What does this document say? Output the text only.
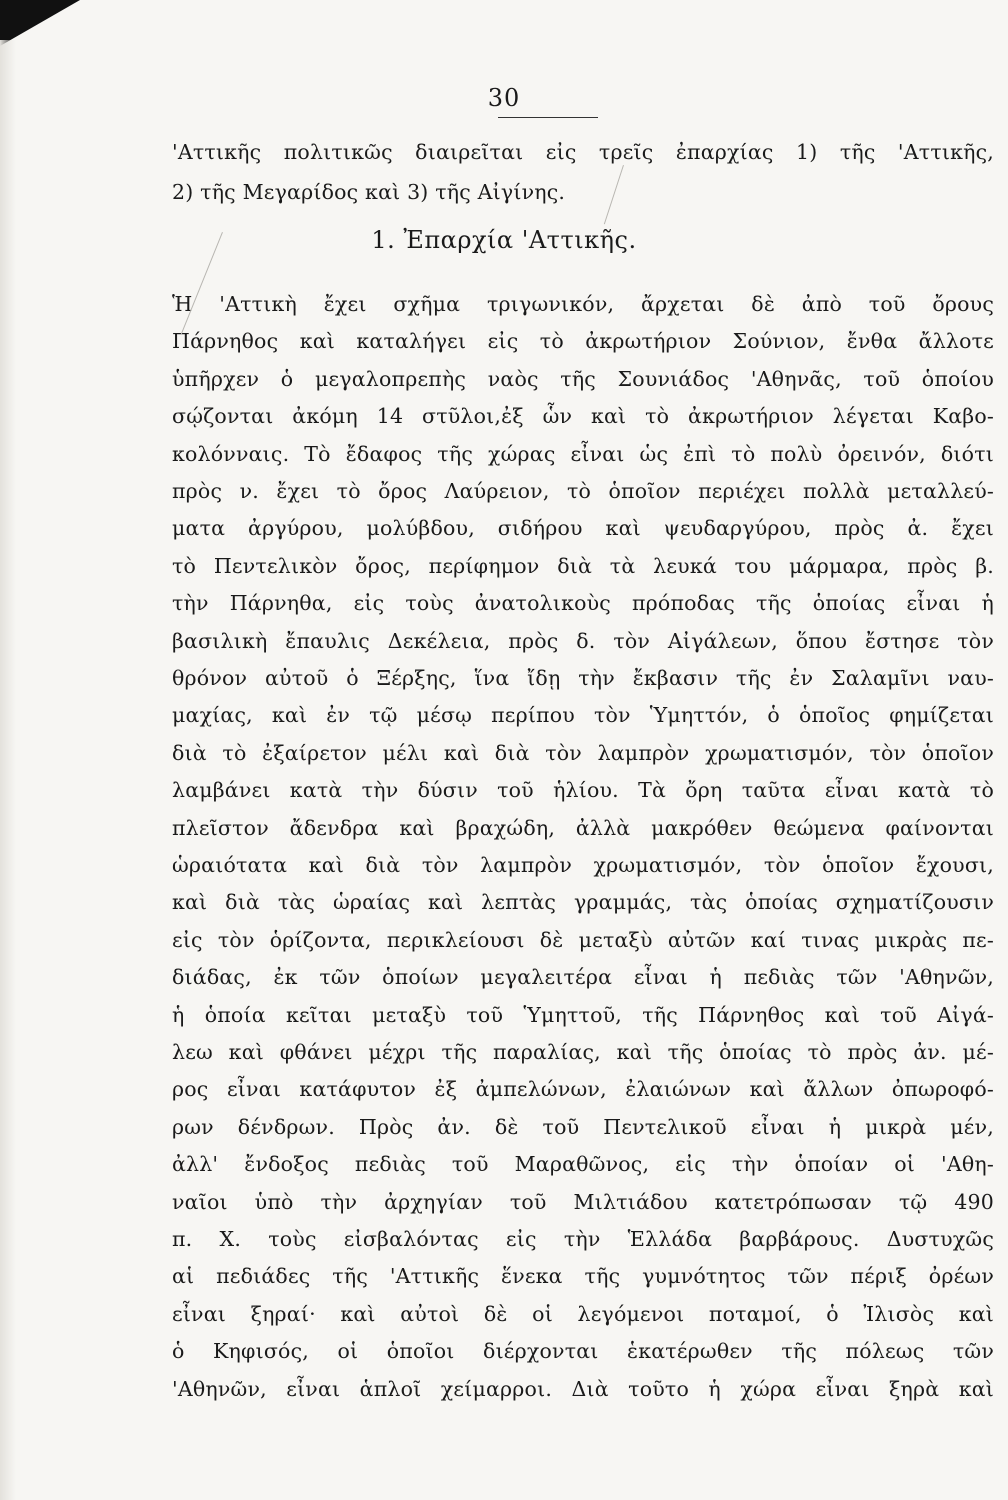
30
'Αττικῆς πολιτικῶς διαιρεῖται εἰς τρεῖς ἐπαρχίας 1) τῆς 'Αττικῆς,
2) τῆς Μεγαρίδος καὶ 3) τῆς Αἰγίνης.
1. Ἐπαρχία 'Αττικῆς.
Ἡ 'Αττικὴ ἔχει σχῆμα τριγωνικόν, ἄρχεται δὲ ἀπὸ τοῦ ὄρους
Πάρνηθος καὶ καταλήγει εἰς τὸ ἀκρωτήριον Σούνιον, ἔνθα ἄλλοτε
ὑπῆρχεν ὁ μεγαλοπρεπὴς ναὸς τῆς Σουνιάδος 'Αθηνᾶς, τοῦ ὁποίου
σῴζονται ἀκόμη 14 στῦλοι,ἐξ ὧν καὶ τὸ ἀκρωτήριον λέγεται Καβο-
κολόνναις. Τὸ ἔδαφος τῆς χώρας εἶναι ὡς ἐπὶ τὸ πολὺ ὀρεινόν, διότι
πρὸς ν. ἔχει τὸ ὄρος Λαύρειον, τὸ ὁποῖον περιέχει πολλὰ μεταλλεύ-
ματα ἀργύρου, μολύβδου, σιδήρου καὶ ψευδαργύρου, πρὸς ἀ. ἔχει
τὸ Πεντελικὸν ὄρος, περίφημον διὰ τὰ λευκά του μάρμαρα, πρὸς β.
τὴν Πάρνηθα, εἰς τοὺς ἀνατολικοὺς πρόποδας τῆς ὁποίας εἶναι ἡ
βασιλικὴ ἔπαυλις Δεκέλεια, πρὸς δ. τὸν Αἰγάλεων, ὅπου ἔστησε τὸν
θρόνον αὐτοῦ ὁ Ξέρξης, ἵνα ἴδῃ τὴν ἔκβασιν τῆς ἐν Σαλαμῖνι ναυ-
μαχίας, καὶ ἐν τῷ μέσῳ περίπου τὸν Ὑμηττόν, ὁ ὁποῖος φημίζεται
διὰ τὸ ἐξαίρετον μέλι καὶ διὰ τὸν λαμπρὸν χρωματισμόν, τὸν ὁποῖον
λαμβάνει κατὰ τὴν δύσιν τοῦ ἡλίου. Τὰ ὄρη ταῦτα εἶναι κατὰ τὸ
πλεῖστον ἄδενδρα καὶ βραχώδη, ἀλλὰ μακρόθεν θεώμενα φαίνονται
ὡραιότατα καὶ διὰ τὸν λαμπρὸν χρωματισμόν, τὸν ὁποῖον ἔχουσι,
καὶ διὰ τὰς ὡραίας καὶ λεπτὰς γραμμάς, τὰς ὁποίας σχηματίζουσιν
εἰς τὸν ὁρίζοντα, περικλείουσι δὲ μεταξὺ αὐτῶν καί τινας μικρὰς πε-
διάδας, ἐκ τῶν ὁποίων μεγαλειτέρα εἶναι ἡ πεδιὰς τῶν 'Αθηνῶν,
ἡ ὁποία κεῖται μεταξὺ τοῦ Ὑμηττοῦ, τῆς Πάρνηθος καὶ τοῦ Αἰγά-
λεω καὶ φθάνει μέχρι τῆς παραλίας, καὶ τῆς ὁποίας τὸ πρὸς ἀν. μέ-
ρος εἶναι κατάφυτον ἐξ ἀμπελώνων, ἐλαιώνων καὶ ἄλλων ὀπωροφό-
ρων δένδρων. Πρὸς ἀν. δὲ τοῦ Πεντελικοῦ εἶναι ἡ μικρὰ μέν,
ἀλλ' ἔνδοξος πεδιὰς τοῦ Μαραθῶνος, εἰς τὴν ὁποίαν οἱ 'Αθη-
ναῖοι ὑπὸ τὴν ἀρχηγίαν τοῦ Μιλτιάδου κατετρόπωσαν τῷ 490
π. Χ. τοὺς εἰσβαλόντας εἰς τὴν Ἑλλάδα βαρβάρους. Δυστυχῶς
αἱ πεδιάδες τῆς 'Αττικῆς ἕνεκα τῆς γυμνότητος τῶν πέριξ ὀρέων
εἶναι ξηραί· καὶ αὐτοὶ δὲ οἱ λεγόμενοι ποταμοί, ὁ Ἰλισὸς καὶ
ὁ Κηφισός, οἱ ὁποῖοι διέρχονται ἑκατέρωθεν τῆς πόλεως τῶν
'Αθηνῶν, εἶναι ἁπλοῖ χείμαρροι. Διὰ τοῦτο ἡ χώρα εἶναι ξηρὰ καὶ
